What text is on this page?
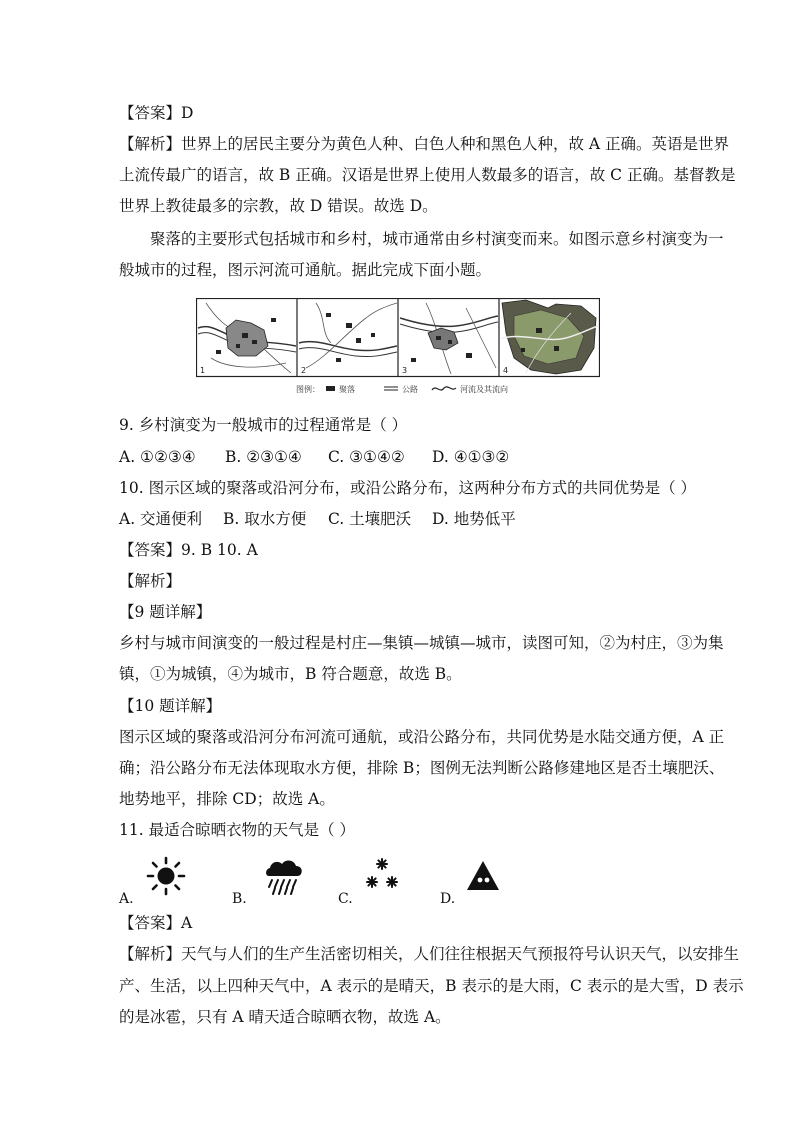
【答案】D
【解析】世界上的居民主要分为黄色人种、白色人种和黑色人种，故 A 正确。英语是世界
上流传最广的语言，故 B 正确。汉语是世界上使用人数最多的语言，故 C 正确。基督教是
世界上教徒最多的宗教，故 D 错误。故选 D。
聚落的主要形式包括城市和乡村，城市通常由乡村演变而来。如图示意乡村演变为一
般城市的过程，图示河流可通航。据此完成下面小题。
1	2	3	4
图例： 聚落	公路	河流及其流向
9. 乡村演变为一般城市的过程通常是（ ）
A. ①②③④ B. ②③①④ C. ③①④② D. ④①③②
10. 图示区域的聚落或沿河分布，或沿公路分布，这两种分布方式的共同优势是（ ）
A. 交通便利 B. 取水方便 C. 土壤肥沃 D. 地势低平
【答案】9. B 10. A
【解析】
【9 题详解】
乡村与城市间演变的一般过程是村庄—集镇—城镇—城市，读图可知，②为村庄，③为集
镇，①为城镇，④为城市，B 符合题意，故选 B。
【10 题详解】
图示区域的聚落或沿河分布河流可通航，或沿公路分布，共同优势是水陆交通方便，A 正
确；沿公路分布无法体现取水方便，排除 B；图例无法判断公路修建地区是否土壤肥沃、
地势地平，排除 CD；故选 A。
11. 最适合晾晒衣物的天气是（ ）
A.	B.	C.	D.
【答案】A
【解析】天气与人们的生产生活密切相关，人们往往根据天气预报符号认识天气，以安排生
产、生活，以上四种天气中，A 表示的是晴天，B 表示的是大雨，C 表示的是大雪，D 表示
的是冰雹，只有 A 晴天适合晾晒衣物，故选 A。
